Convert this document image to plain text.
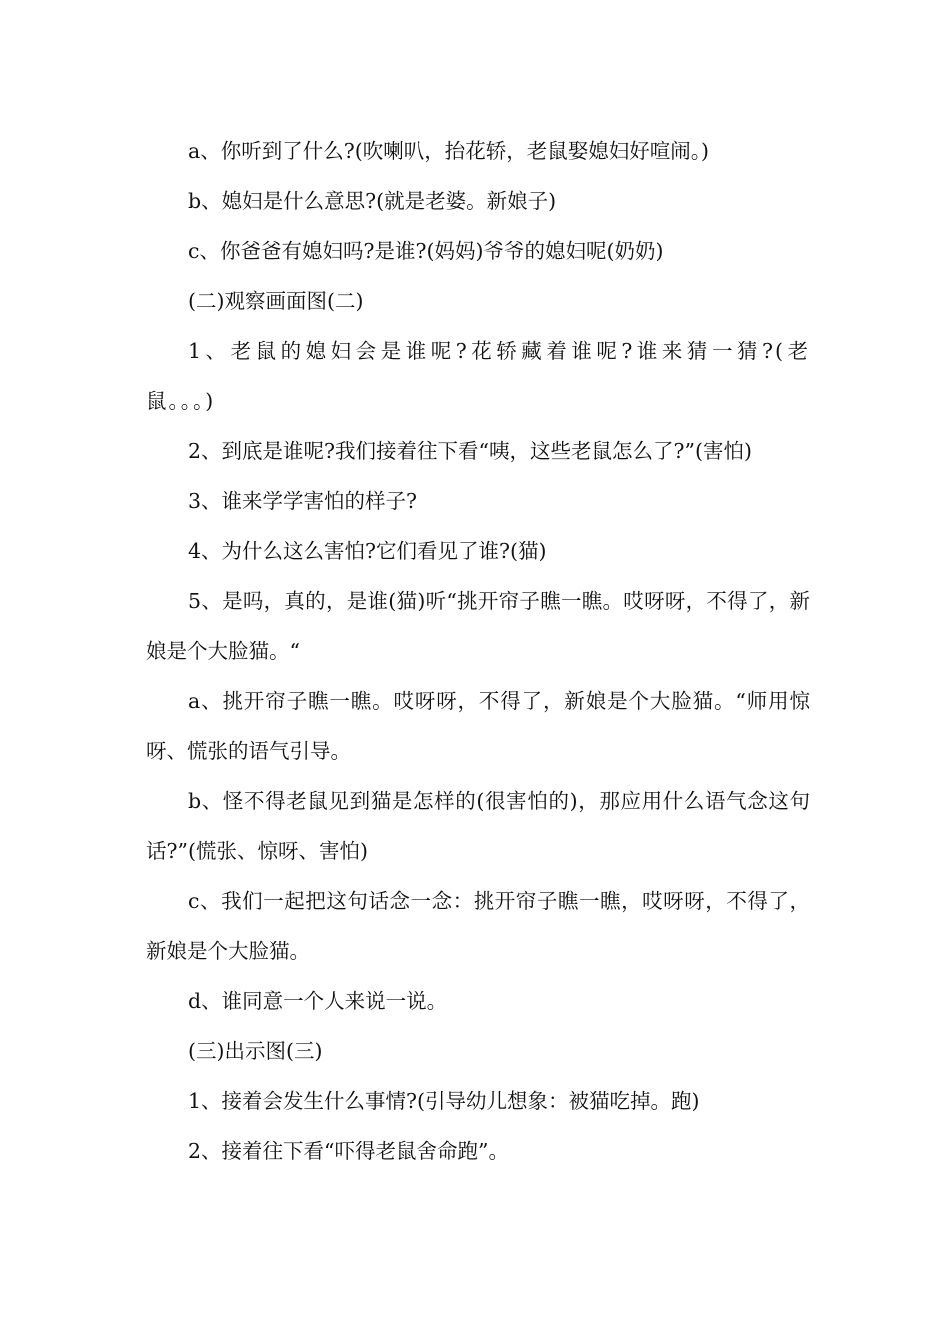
a、你听到了什么?(吹喇叭，抬花轿，老鼠娶媳妇好喧闹。)

b、媳妇是什么意思?(就是老婆。新娘子)

c、你爸爸有媳妇吗?是谁?(妈妈)爷爷的媳妇呢(奶奶)

(二)观察画面图(二)

1、老鼠的媳妇会是谁呢?花轿藏着谁呢?谁来猜一猜?(老鼠。。。)

2、到底是谁呢?我们接着往下看“咦，这些老鼠怎么了?”(害怕)

3、谁来学学害怕的样子?

4、为什么这么害怕?它们看见了谁?(猫)

5、是吗，真的，是谁(猫)听“挑开帘子瞧一瞧。哎呀呀，不得了，新娘是个大脸猫。“

a、挑开帘子瞧一瞧。哎呀呀，不得了，新娘是个大脸猫。“师用惊呀、慌张的语气引导。

b、怪不得老鼠见到猫是怎样的(很害怕的)，那应用什么语气念这句话?”(慌张、惊呀、害怕)

c、我们一起把这句话念一念：挑开帘子瞧一瞧，哎呀呀，不得了，新娘是个大脸猫。

d、谁同意一个人来说一说。

(三)出示图(三)

1、接着会发生什么事情?(引导幼儿想象：被猫吃掉。跑)

2、接着往下看“吓得老鼠舍命跑”。
